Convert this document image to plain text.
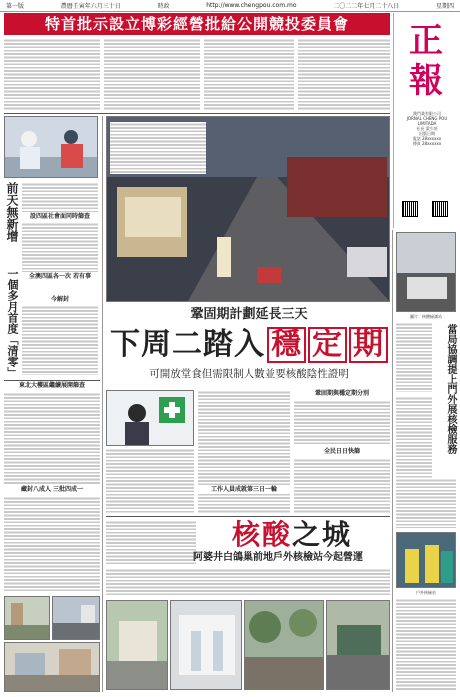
第一版	農曆壬寅年六月三十日	時政	http://www.chengpou.com.mo	二〇二二年七月二十八日	星期四
特首批示設立博彩經營批給公開競投委員會	正報
澳門業有限公司
JORNAL CHENG POU LIMITADA
社長 梁少培
出版日期
電話 28xxxxxx
傳真 28xxxxxx
前天無新增	設四區社會面同時篩查
全澳四區各一次 若有事
今解封
一個多月首度「清零」
東北大樓區繼續展開篩查
藏封八成人 三批四成一
鞏固期計劃延長三天
下周二踏入 穩 定 期
可開放堂食但需限制人數並要核酸陰性證明
工作人員成就第三日一輪
鞏固期與穩定期分別
全民日日快篩
核酸之城
阿婆井白鴿巢前地戶外核檢站今起營運
圖片：核酸檢測站
當局協調提上門外展核檢服務
戶外核檢站
